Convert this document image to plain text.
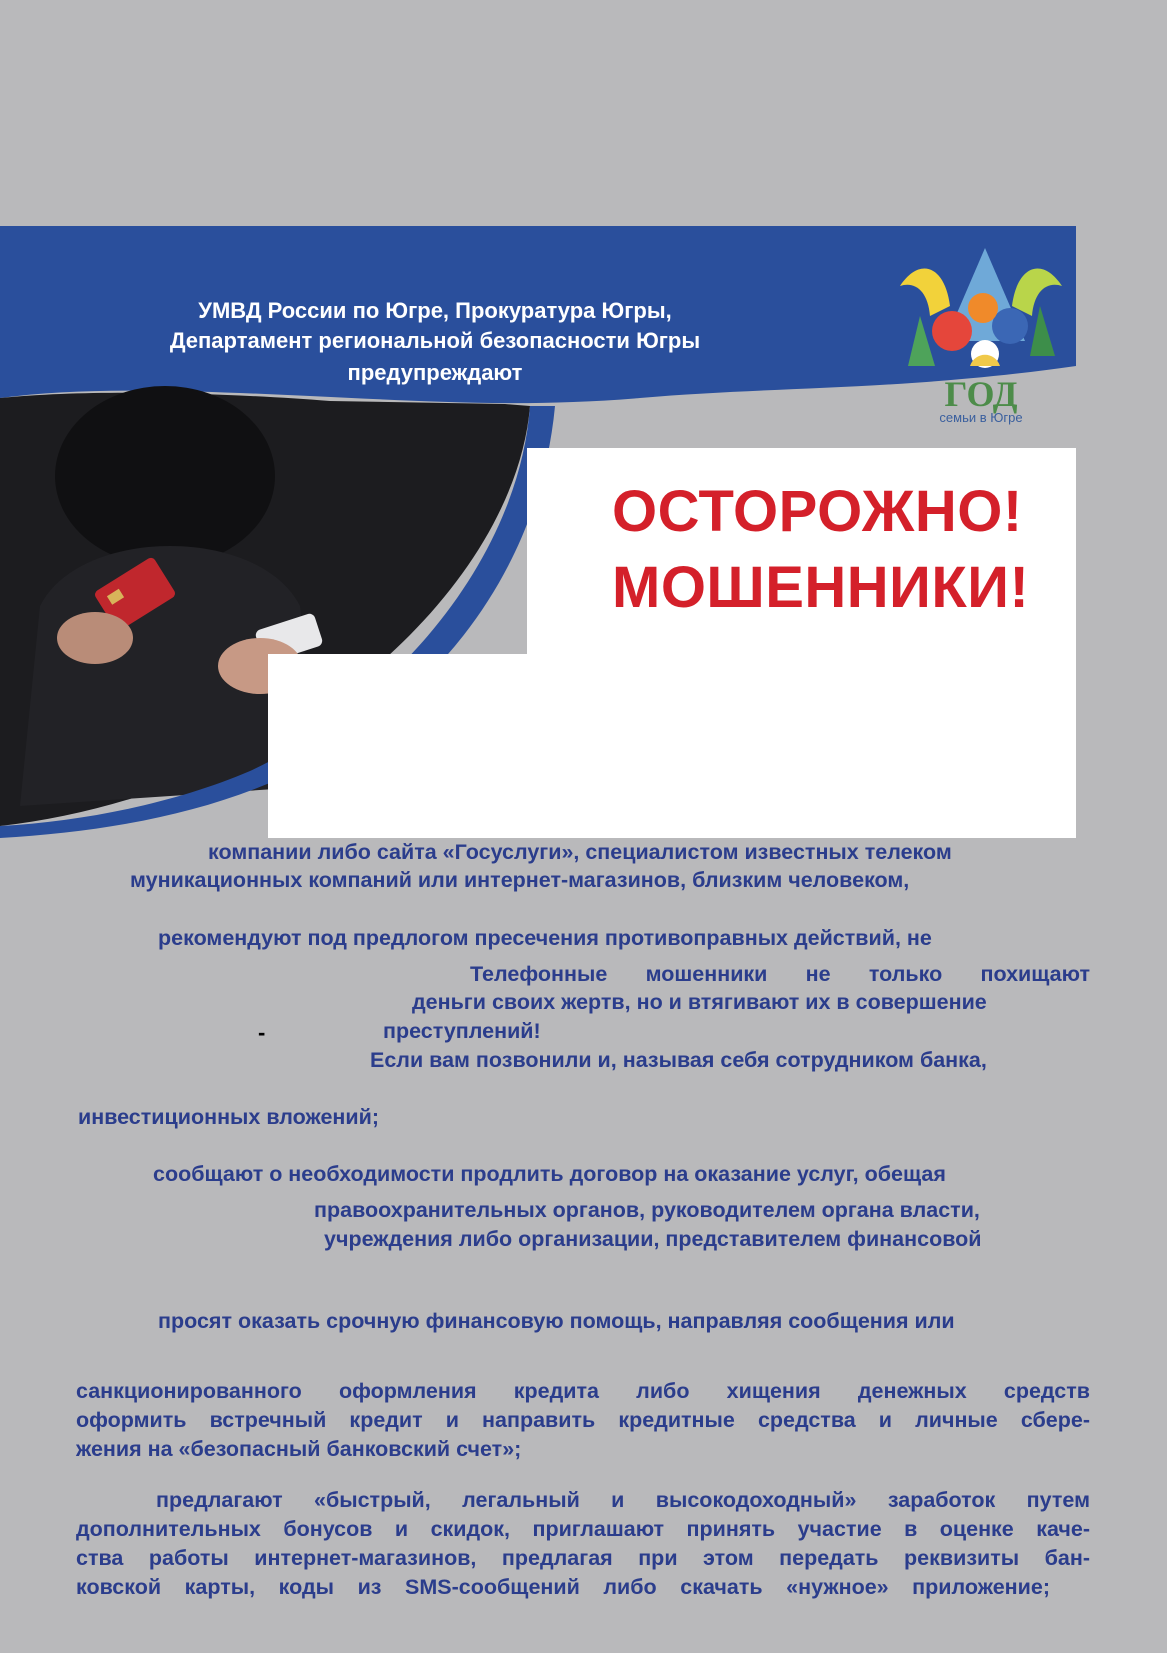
УМВД России по Югре, Прокуратура Югры,
Департамент региональной безопасности Югры
предупреждают
ОСТОРОЖНО!
МОШЕННИКИ!
ГОД
семьи в Югре
компании либо сайта «Госуслуги», специалистом известных телеком
муникационных компаний или интернет-магазинов, близким человеком,
рекомендуют под предлогом пресечения противоправных действий, не
Телефонные мошенники не только похищают
деньги своих жертв, но и втягивают их в совершение
-	преступлений!
Если вам позвонили и, называя себя сотрудником банка,
инвестиционных вложений;
сообщают о необходимости продлить договор на оказание услуг, обещая
правоохранительных органов, руководителем органа власти,
учреждения либо организации, представителем финансовой
просят оказать срочную финансовую помощь, направляя сообщения или
санкционированного оформления кредита либо хищения денежных средств
оформить встречный кредит и направить кредитные средства и личные сбере-
жения на «безопасный банковский счет»;
предлагают «быстрый, легальный и высокодоходный» заработок путем
дополнительных бонусов и скидок, приглашают принять участие в оценке каче-
ства работы интернет-магазинов, предлагая при этом передать реквизиты бан-
ковской карты, коды из SMS-сообщений либо скачать «нужное» приложение;
